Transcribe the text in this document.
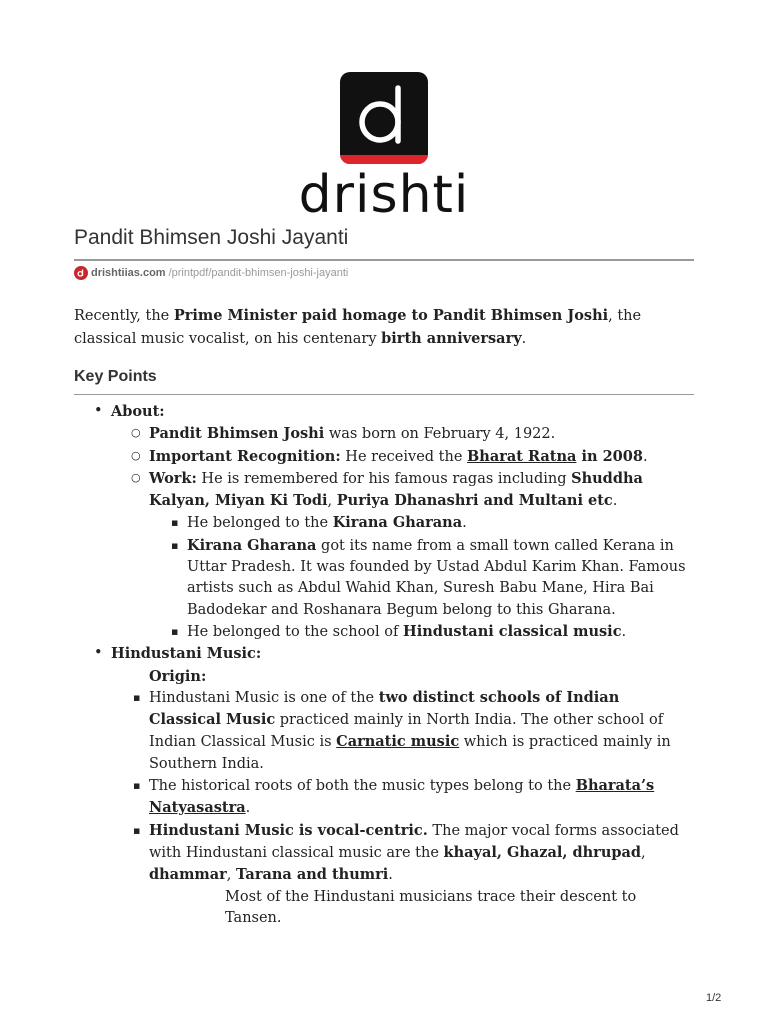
drishti
Pandit Bhimsen Joshi Jayanti
drishtiias.com /printpdf/pandit-bhimsen-joshi-jayanti

Recently, the Prime Minister paid homage to Pandit Bhimsen Joshi, the classical music vocalist, on his centenary birth anniversary.

Key Points
• About:
○ Pandit Bhimsen Joshi was born on February 4, 1922.
○ Important Recognition: He received the Bharat Ratna in 2008.
○ Work: He is remembered for his famous ragas including Shuddha Kalyan, Miyan Ki Todi, Puriya Dhanashri and Multani etc.
▪ He belonged to the Kirana Gharana.
▪ Kirana Gharana got its name from a small town called Kerana in Uttar Pradesh. It was founded by Ustad Abdul Karim Khan. Famous artists such as Abdul Wahid Khan, Suresh Babu Mane, Hira Bai Badodekar and Roshanara Begum belong to this Gharana.
▪ He belonged to the school of Hindustani classical music.
• Hindustani Music:
Origin:
▪ Hindustani Music is one of the two distinct schools of Indian Classical Music practiced mainly in North India. The other school of Indian Classical Music is Carnatic music which is practiced mainly in Southern India.
▪ The historical roots of both the music types belong to the Bharata’s Natyasastra.
▪ Hindustani Music is vocal-centric. The major vocal forms associated with Hindustani classical music are the khayal, Ghazal, dhrupad, dhammar, Tarana and thumri.
Most of the Hindustani musicians trace their descent to Tansen.
1/2
